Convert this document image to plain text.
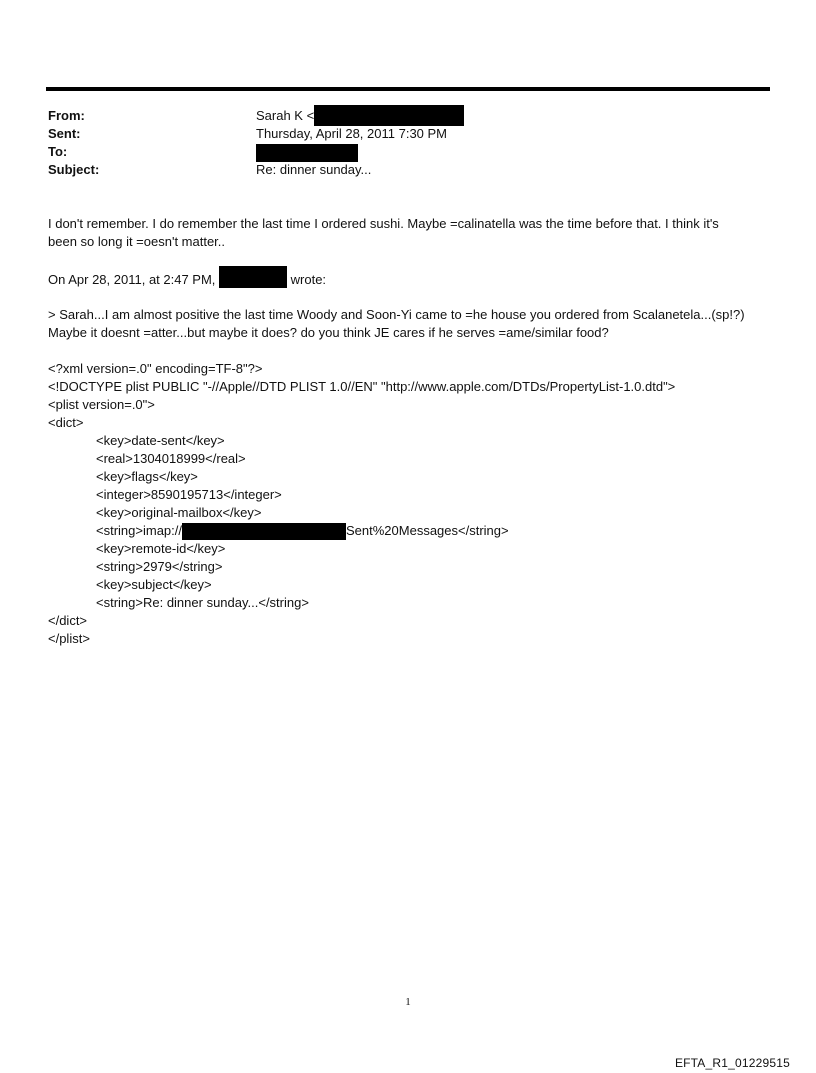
From:	Sarah K <
Sent:	Thursday, April 28, 2011 7:30 PM
To:
Subject:	Re: dinner sunday...

I don't remember. I do remember the last time I ordered sushi. Maybe =calinatella was the time before that. I think it's

been so long it =oesn't matter..

On Apr 28, 2011, at 2:47 PM,	wrote:

> Sarah...I am almost positive the last time Woody and Soon-Yi came to =he house you ordered from Scalanetela...(sp!?)

Maybe it doesnt =atter...but maybe it does? do you think JE cares if he serves =ame/similar food?

<?xml version=.0" encoding=TF-8"?>

<!DOCTYPE plist PUBLIC "-//Apple//DTD PLIST 1.0//EN" "http://www.apple.com/DTDs/PropertyList-1.0.dtd">

<plist version=.0">

<dict>

<key>date-sent</key>

<real>1304018999</real>

<key>flags</key>

<integer>8590195713</integer>

<key>original-mailbox</key>

<string>imap://	Sent%20Messages</string>

<key>remote-id</key>

<string>2979</string>

<key>subject</key>

<string>Re: dinner sunday...</string>

</dict>

</plist>

1
EFTA_R1_01229515
